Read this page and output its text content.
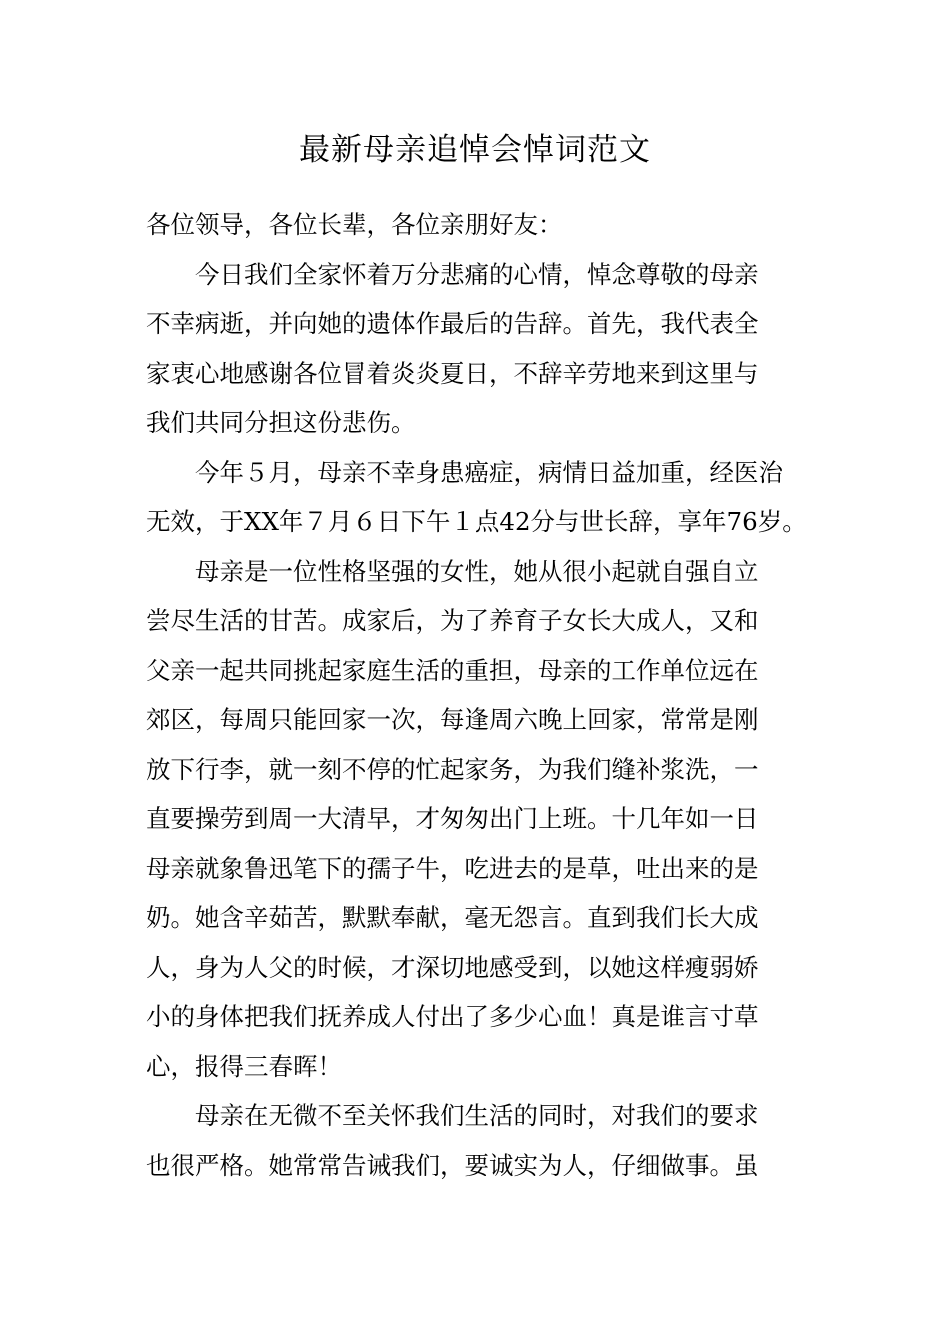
最新母亲追悼会悼词范文
各位领导，各位长辈，各位亲朋好友：
今日我们全家怀着万分悲痛的心情，悼念尊敬的母亲
不幸病逝，并向她的遗体作最后的告辞。首先，我代表全
家衷心地感谢各位冒着炎炎夏日，不辞辛劳地来到这里与
我们共同分担这份悲伤。
今年５月，母亲不幸身患癌症，病情日益加重，经医治
无效，于XX年７月６日下午１点42分与世长辞，享年76岁。
母亲是一位性格坚强的女性，她从很小起就自强自立
尝尽生活的甘苦。成家后，为了养育子女长大成人，又和
父亲一起共同挑起家庭生活的重担，母亲的工作单位远在
郊区，每周只能回家一次，每逢周六晚上回家，常常是刚
放下行李，就一刻不停的忙起家务，为我们缝补浆洗，一
直要操劳到周一大清早，才匆匆出门上班。十几年如一日
母亲就象鲁迅笔下的孺子牛，吃进去的是草，吐出来的是
奶。她含辛茹苦，默默奉献，毫无怨言。直到我们长大成
人，身为人父的时候，才深切地感受到，以她这样瘦弱娇
小的身体把我们抚养成人付出了多少心血！真是谁言寸草
心，报得三春晖！
母亲在无微不至关怀我们生活的同时，对我们的要求
也很严格。她常常告诫我们，要诚实为人，仔细做事。虽
